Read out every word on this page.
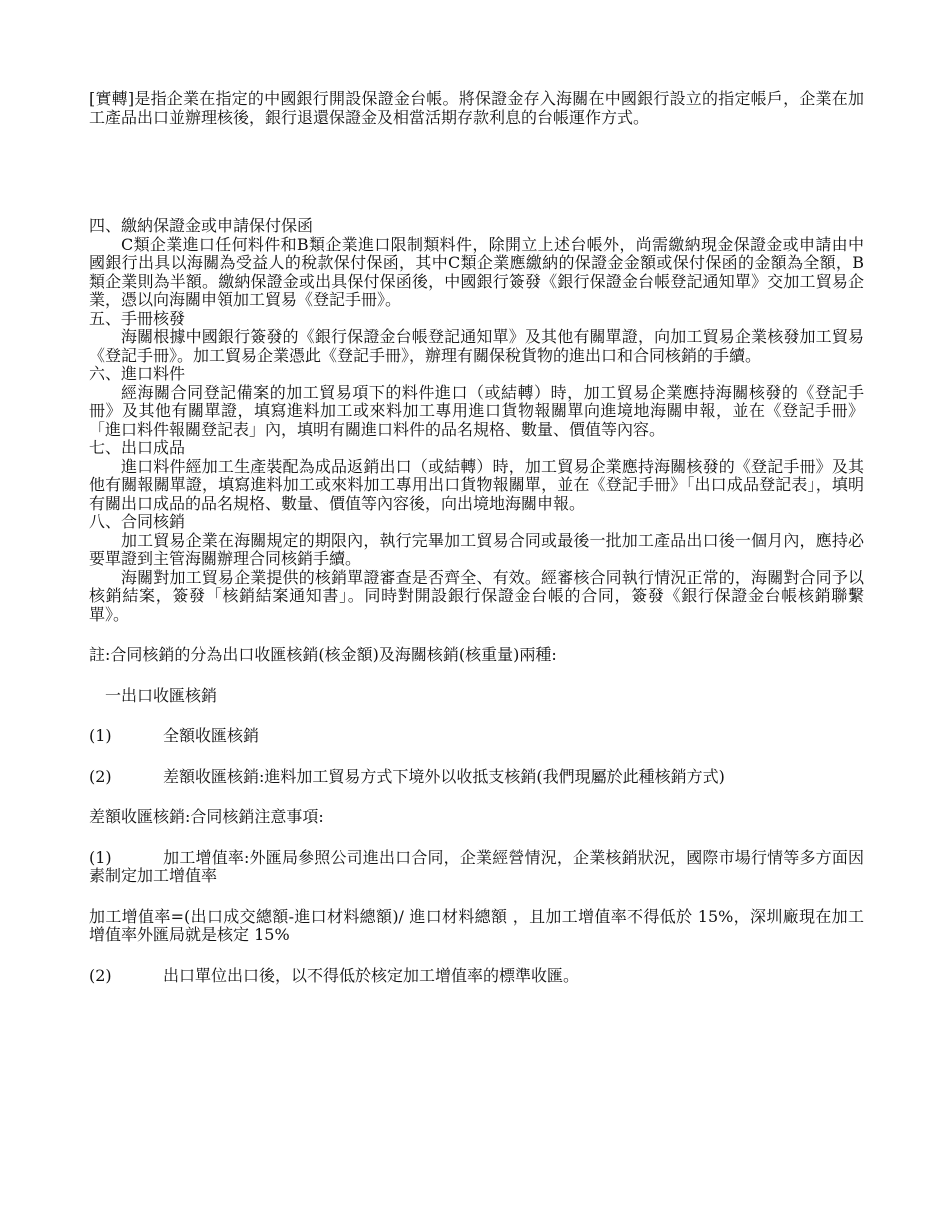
[實轉]是指企業在指定的中國銀行開設保證金台帳。將保證金存入海關在中國銀行設立的指定帳戶，企業在加工產品出口並辦理核後，銀行退還保證金及相當活期存款利息的台帳運作方式。

四、繳納保證金或申請保付保函

C類企業進口任何料件和B類企業進口限制類料件，除開立上述台帳外，尚需繳納現金保證金或申請由中國銀行出具以海關為受益人的稅款保付保函，其中C類企業應繳納的保證金金額或保付保函的金額為全額，B類企業則為半額。繳納保證金或出具保付保函後，中國銀行簽發《銀行保證金台帳登記通知單》交加工貿易企業，憑以向海關申領加工貿易《登記手冊》。

五、手冊核發

海關根據中國銀行簽發的《銀行保證金台帳登記通知單》及其他有關單證，向加工貿易企業核發加工貿易《登記手冊》。加工貿易企業憑此《登記手冊》，辦理有關保稅貨物的進出口和合同核銷的手續。

六、進口料件

經海關合同登記備案的加工貿易項下的料件進口（或結轉）時，加工貿易企業應持海關核發的《登記手冊》及其他有關單證，填寫進料加工或來料加工專用進口貨物報關單向進境地海關申報，並在《登記手冊》「進口料件報關登記表」內，填明有關進口料件的品名規格、數量、價值等內容。

七、出口成品

進口料件經加工生產裝配為成品返銷出口（或結轉）時，加工貿易企業應持海關核發的《登記手冊》及其他有關報關單證，填寫進料加工或來料加工專用出口貨物報關單，並在《登記手冊》「出口成品登記表」，填明有關出口成品的品名規格、數量、價值等內容後，向出境地海關申報。

八、合同核銷

加工貿易企業在海關規定的期限內，執行完畢加工貿易合同或最後一批加工產品出口後一個月內，應持必要單證到主管海關辦理合同核銷手續。

海關對加工貿易企業提供的核銷單證審查是否齊全、有效。經審核合同執行情況正常的，海關對合同予以核銷結案，簽發「核銷結案通知書」。同時對開設銀行保證金台帳的合同，簽發《銀行保證金台帳核銷聯繫單》。

註:合同核銷的分為出口收匯核銷(核金額)及海關核銷(核重量)兩種:

一出口收匯核銷

(1)	全額收匯核銷
(2)	差額收匯核銷:進料加工貿易方式下境外以收抵支核銷(我們現屬於此種核銷方式)

差額收匯核銷:合同核銷注意事項:

(1)	加工增值率:外匯局參照公司進出口合同，企業經營情況，企業核銷狀況，國際市場行情等多方面因素制定加工增值率

加工增值率=(出口成交總額-進口材料總額)/ 進口材料總額 ，且加工增值率不得低於 15%，深圳廠現在加工增值率外匯局就是核定 15%

(2)	出口單位出口後，以不得低於核定加工增值率的標準收匯。
